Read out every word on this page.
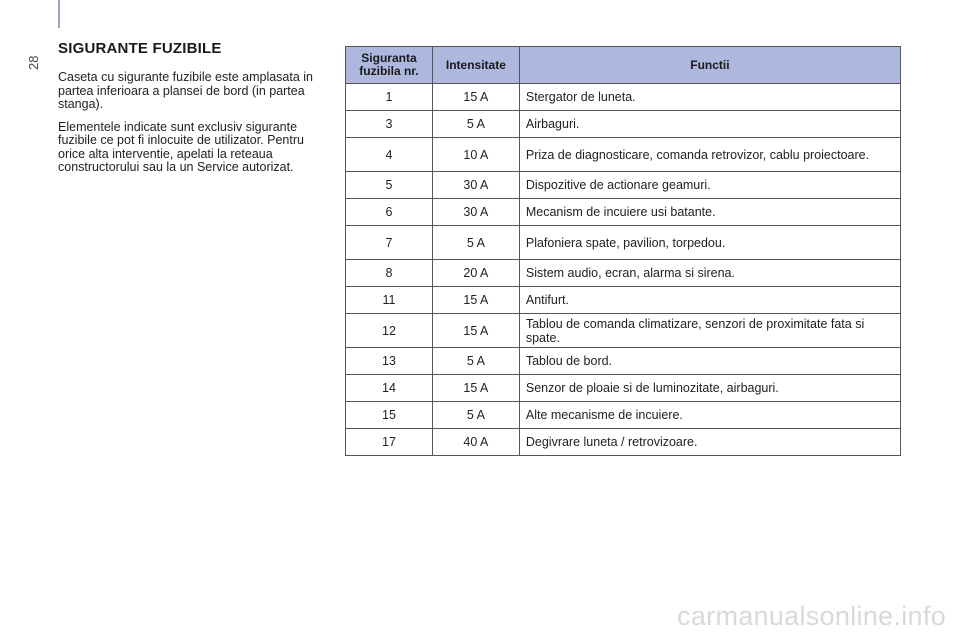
28
SIGURANTE FUZIBILE

Caseta cu sigurante fuzibile este amplasata in partea inferioara a plansei de bord (in partea stanga).

Elementele indicate sunt exclusiv sigurante fuzibile ce pot fi inlocuite de utilizator. Pentru orice alta interventie, apelati la reteaua constructorului sau la un Service autorizat.

Siguranta fuzibila nr.	Intensitate	Functii
1	15 A	Stergator de luneta.
3	5 A	Airbaguri.
4	10 A	Priza de diagnosticare, comanda retrovizor, cablu proiectoare.
5	30 A	Dispozitive de actionare geamuri.
6	30 A	Mecanism de incuiere usi batante.
7	5 A	Plafoniera spate, pavilion, torpedou.
8	20 A	Sistem audio, ecran, alarma si sirena.
11	15 A	Antifurt.
12	15 A	Tablou de comanda climatizare, senzori de proximitate fata si spate.
13	5 A	Tablou de bord.
14	15 A	Senzor de ploaie si de luminozitate, airbaguri.
15	5 A	Alte mecanisme de incuiere.
17	40 A	Degivrare luneta / retrovizoare.
carmanualsonline.info
